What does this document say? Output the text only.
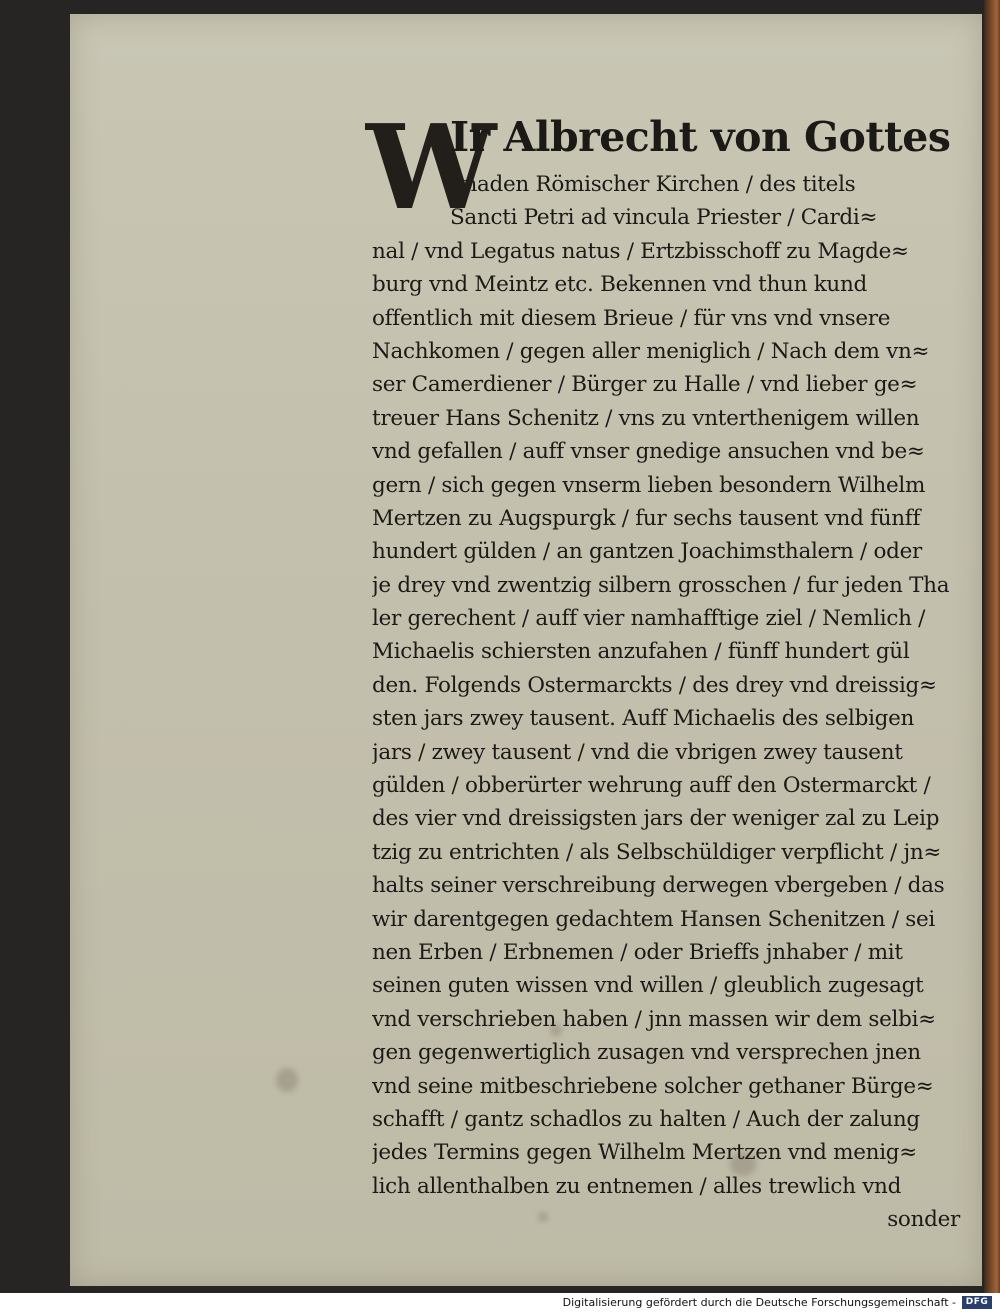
W
Ir Albrecht von Gottes
gnaden Römischer Kirchen / des titels
Sancti Petri ad vincula Priester / Cardi≈
nal / vnd Legatus natus / Ertzbisschoff zu Magde≈
burg vnd Meintz etc. Bekennen vnd thun kund
offentlich mit diesem Brieue / für vns vnd vnsere
Nachkomen / gegen aller meniglich / Nach dem vn≈
ser Camerdiener / Bürger zu Halle / vnd lieber ge≈
treuer Hans Schenitz / vns zu vnterthenigem willen
vnd gefallen / auff vnser gnedige ansuchen vnd be≈
gern / sich gegen vnserm lieben besondern Wilhelm
Mertzen zu Augspurgk / fur sechs tausent vnd fünff
hundert gülden / an gantzen Joachimsthalern / oder
je drey vnd zwentzig silbern grosschen / fur jeden Tha
ler gerechent / auff vier namhafftige ziel / Nemlich /
Michaelis schiersten anzufahen / fünff hundert gül
den. Folgends Ostermarckts / des drey vnd dreissig≈
sten jars zwey tausent. Auff Michaelis des selbigen
jars / zwey tausent / vnd die vbrigen zwey tausent
gülden / obberürter wehrung auff den Ostermarckt /
des vier vnd dreissigsten jars der weniger zal zu Leip
tzig zu entrichten / als Selbschüldiger verpflicht / jn≈
halts seiner verschreibung derwegen vbergeben / das
wir darentgegen gedachtem Hansen Schenitzen / sei
nen Erben / Erbnemen / oder Brieffs jnhaber / mit
seinen guten wissen vnd willen / gleublich zugesagt
vnd verschrieben haben / jnn massen wir dem selbi≈
gen gegenwertiglich zusagen vnd versprechen jnen
vnd seine mitbeschriebene solcher gethaner Bürge≈
schafft / gantz schadlos zu halten / Auch der zalung
jedes Termins gegen Wilhelm Mertzen vnd menig≈
lich allenthalben zu entnemen / alles trewlich vnd
sonder
Digitalisierung gefördert durch die Deutsche Forschungsgemeinschaft -	DFG
